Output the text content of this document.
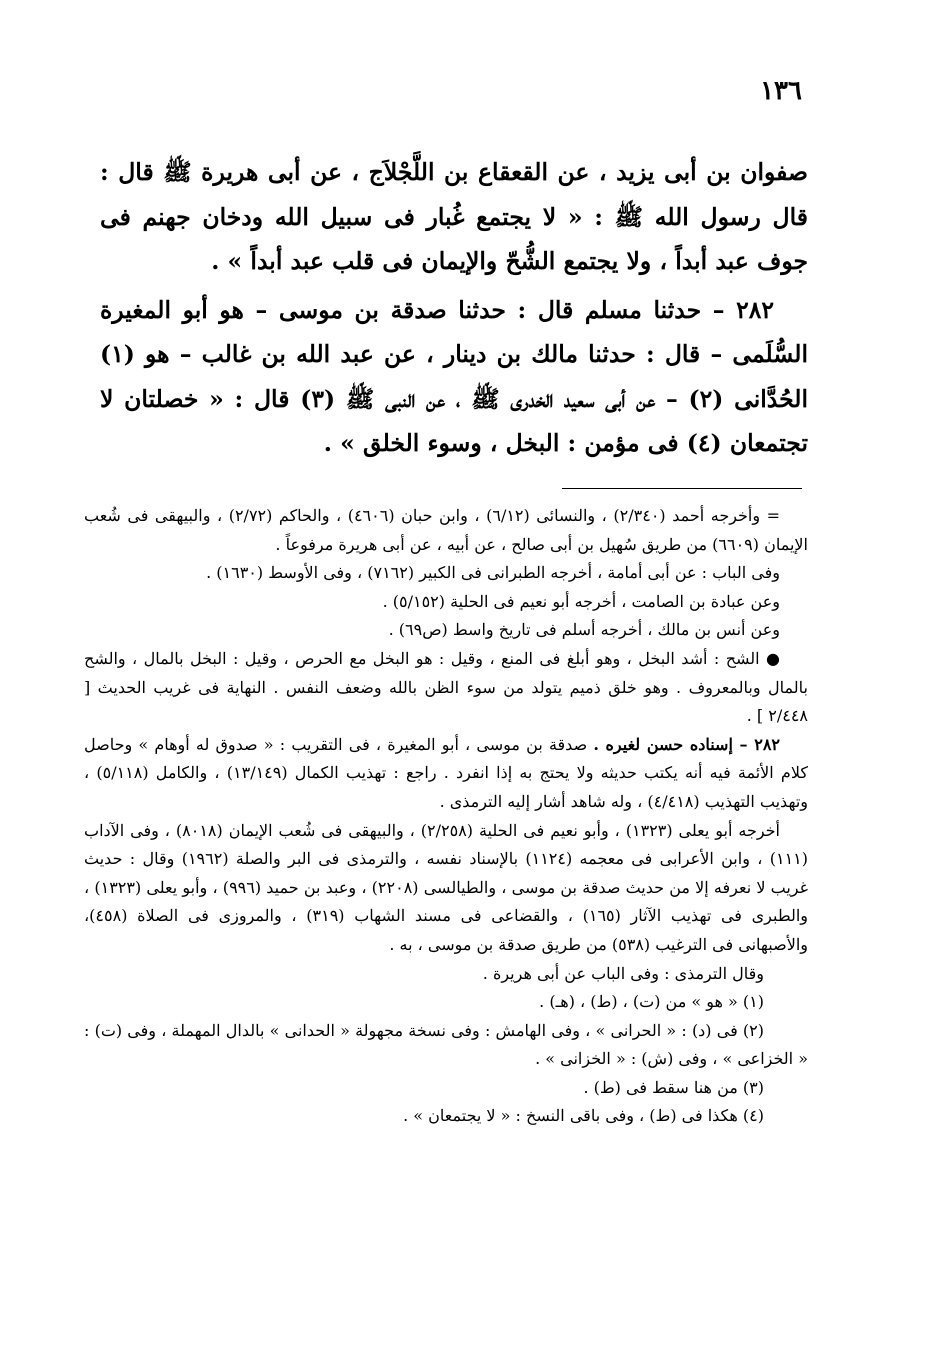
١٣٦

صفوان بن أبى يزيد ، عن القعقاع بن اللَّجْلاَج ، عن أبى هريرة ﷺ قال : قال رسول الله ﷺ : « لا يجتمع غُبار فى سبيل الله ودخان جهنم فى جوف عبد أبداً ، ولا يجتمع الشُّحّ والإيمان فى قلب عبد أبداً » .

٢٨٢ – حدثنا مسلم قال : حدثنا صدقة بن موسى – هو أبو المغيرة السُّلَمى – قال : حدثنا مالك بن دينار ، عن عبد الله بن غالب – هو (١) الحُدَّانى (٢) – عن أبى سعيد الخدرى ﷺ ، عن النبى ﷺ (٣) قال : « خصلتان لا تجتمعان (٤) فى مؤمن : البخل ، وسوء الخلق » .

= وأخرجه أحمد (٢/٣٤٠) ، والنسائى (٦/١٢) ، وابن حبان (٤٦٠٦) ، والحاكم (٢/٧٢) ، والبيهقى فى شُعب الإيمان (٦٦٠٩) من طريق سُهيل بن أبى صالح ، عن أبيه ، عن أبى هريرة مرفوعاً .

وفى الباب : عن أبى أمامة ، أخرجه الطبرانى فى الكبير (٧١٦٢) ، وفى الأوسط (١٦٣٠) .

وعن عبادة بن الصامت ، أخرجه أبو نعيم فى الحلية (٥/١٥٢) .

وعن أنس بن مالك ، أخرجه أسلم فى تاريخ واسط (ص٦٩) .

● الشح : أشد البخل ، وهو أبلغ فى المنع ، وقيل : هو البخل مع الحرص ، وقيل : البخل بالمال ، والشح بالمال وبالمعروف . وهو خلق ذميم يتولد من سوء الظن بالله وضعف النفس . النهاية فى غريب الحديث [ ٢/٤٤٨ ] .

٢٨٢ – إسناده حسن لغيره . صدقة بن موسى ، أبو المغيرة ، فى التقريب : « صدوق له أوهام » وحاصل كلام الأئمة فيه أنه يكتب حديثه ولا يحتج به إذا انفرد . راجع : تهذيب الكمال (١٣/١٤٩) ، والكامل (٥/١١٨) ، وتهذيب التهذيب (٤/٤١٨) ، وله شاهد أشار إليه الترمذى .

أخرجه أبو يعلى (١٣٢٣) ، وأبو نعيم فى الحلية (٢/٢٥٨) ، والبيهقى فى شُعب الإيمان (٨٠١٨) ، وفى الآداب (١١١) ، وابن الأعرابى فى معجمه (١١٢٤) بالإسناد نفسه ، والترمذى فى البر والصلة (١٩٦٢) وقال : حديث غريب لا نعرفه إلا من حديث صدقة بن موسى ، والطيالسى (٢٢٠٨) ، وعبد بن حميد (٩٩٦) ، وأبو يعلى (١٣٢٣) ، والطبرى فى تهذيب الآثار (١٦٥) ، والقضاعى فى مسند الشهاب (٣١٩) ، والمروزى فى الصلاة (٤٥٨)، والأصبهانى فى الترغيب (٥٣٨) من طريق صدقة بن موسى ، به .

وقال الترمذى : وفى الباب عن أبى هريرة .

(١) « هو » من (ت) ، (ط) ، (هـ) .

(٢) فى (د) : « الحرانى » ، وفى الهامش : وفى نسخة مجهولة « الحدانى » بالدال المهملة ، وفى (ت) : « الخزاعى » ، وفى (ش) : « الخزانى » .

(٣) من هنا سقط فى (ط) .

(٤) هكذا فى (ط) ، وفى باقى النسخ : « لا يجتمعان » .
